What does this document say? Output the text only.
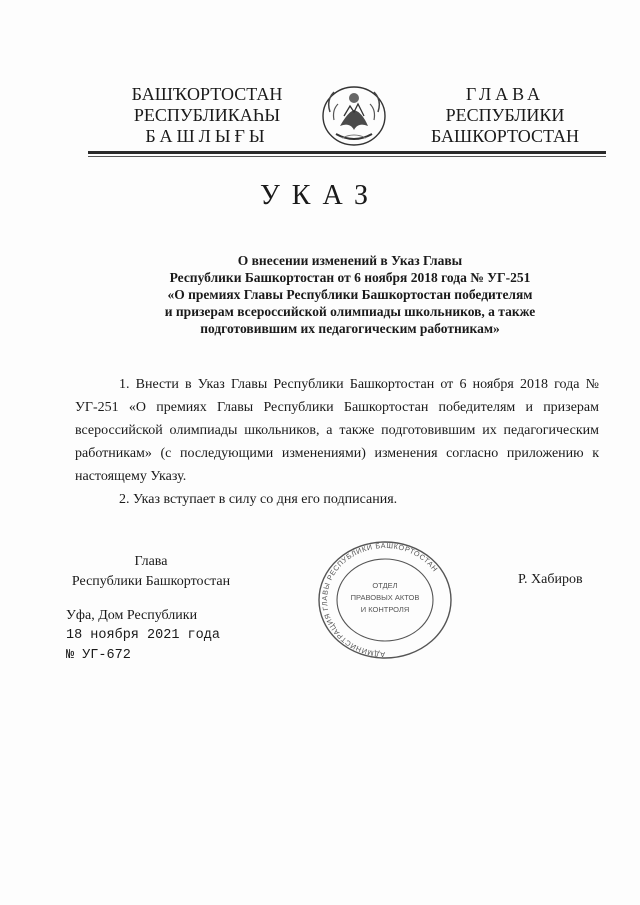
БАШҠОРТОСТАН
РЕСПУБЛИКАҺЫ
БАШЛЫҒЫ
ГЛАВА
РЕСПУБЛИКИ
БАШКОРТОСТАН
УКАЗ
О внесении изменений в Указ Главы
Республики Башкортостан от 6 ноября 2018 года № УГ-251
«О премиях Главы Республики Башкортостан победителям
и призерам всероссийской олимпиады школьников, а также
подготовившим их педагогическим работникам»

1. Внести в Указ Главы Республики Башкортостан от 6 ноября 2018 года № УГ-251 «О премиях Главы Республики Башкортостан победителям и призерам всероссийской олимпиады школьников, а также подготовившим их педагогическим работникам» (с последующими изменениями) изменения согласно приложению к настоящему Указу.

2. Указ вступает в силу со дня его подписания.

Глава
Республики Башкортостан
АДМИНИСТРАЦИЯ ГЛАВЫ РЕСПУБЛИКИ БАШКОРТОСТАН
ОТДЕЛ
ПРАВОВЫХ АКТОВ
И КОНТРОЛЯ
Р. Хабиров
Уфа, Дом Республики
18 ноября 2021 года
№ УГ-672
